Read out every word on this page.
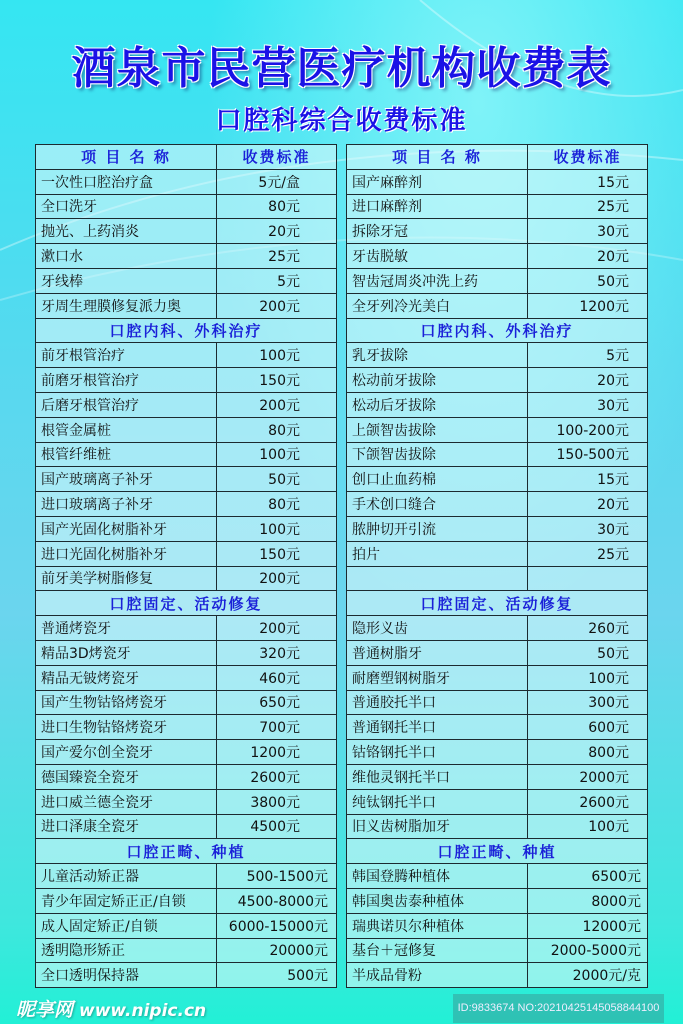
酒泉市民营医疗机构收费表
口腔科综合收费标准
项 目 名 称	收费标准
一次性口腔治疗盒	5元/盒
全口洗牙	80元
抛光、上药消炎	20元
漱口水	25元
牙线棒	5元
牙周生理膜修复派力奥	200元
口腔内科、外科治疗	
前牙根管治疗	100元
前磨牙根管治疗	150元
后磨牙根管治疗	200元
根管金属桩	80元
根管纤维桩	100元
国产玻璃离子补牙	50元
进口玻璃离子补牙	80元
国产光固化树脂补牙	100元
进口光固化树脂补牙	150元
前牙美学树脂修复	200元
口腔固定、活动修复	
普通烤瓷牙	200元
精品3D烤瓷牙	320元
精品无铍烤瓷牙	460元
国产生物钴铬烤瓷牙	650元
进口生物钴铬烤瓷牙	700元
国产爱尔创全瓷牙	1200元
德国臻瓷全瓷牙	2600元
进口威兰德全瓷牙	3800元
进口泽康全瓷牙	4500元
口腔正畸、种植	
儿童活动矫正器	500-1500元
青少年固定矫正正/自锁	4500-8000元
成人固定矫正/自锁	6000-15000元
透明隐形矫正	20000元
全口透明保持器	500元
项 目 名 称	收费标准
国产麻醉剂	15元
进口麻醉剂	25元
拆除牙冠	30元
牙齿脱敏	20元
智齿冠周炎冲洗上药	50元
全牙列冷光美白	1200元
口腔内科、外科治疗	
乳牙拔除	5元
松动前牙拔除	20元
松动后牙拔除	30元
上颌智齿拔除	100-200元
下颌智齿拔除	150-500元
创口止血药棉	15元
手术创口缝合	20元
脓肿切开引流	30元
拍片	25元

口腔固定、活动修复	
隐形义齿	260元
普通树脂牙	50元
耐磨塑钢树脂牙	100元
普通胶托半口	300元
普通钢托半口	600元
钴铬钢托半口	800元
维他灵钢托半口	2000元
纯钛钢托半口	2600元
旧义齿树脂加牙	100元
口腔正畸、种植	
韩国登腾种植体	6500元
韩国奥齿泰种植体	8000元
瑞典诺贝尔种植体	12000元
基台＋冠修复	2000-5000元
半成品骨粉	2000元/克
昵享网 www.nipic.cn	ID:9833674 NO:20210425145058844100
